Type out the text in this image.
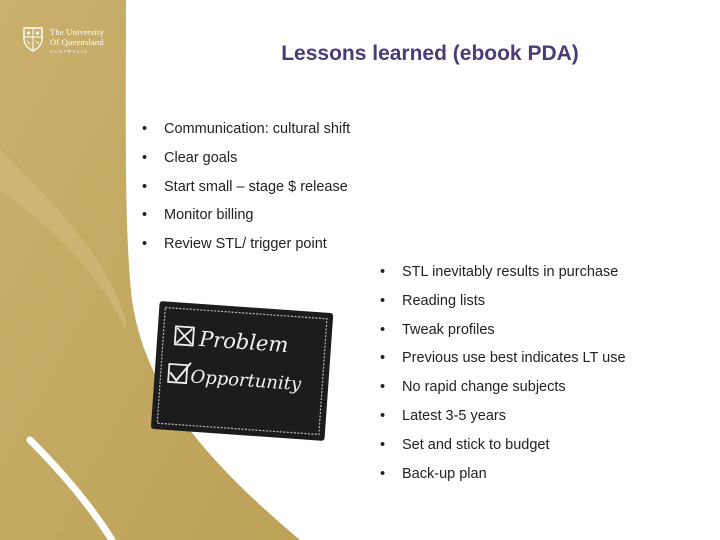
The University
Of Queensland
AUSTRALIA	Lessons learned (ebook PDA)
• Communication: cultural shift
• Clear goals
• Start small – stage $ release
• Monitor billing
• Review STL/ trigger point
• STL inevitably results in purchase
• Reading lists
• Tweak profiles
• Previous use best indicates LT use
• No rapid change subjects
• Latest 3-5 years
• Set and stick to budget
• Back-up plan
Problem
Opportunity
